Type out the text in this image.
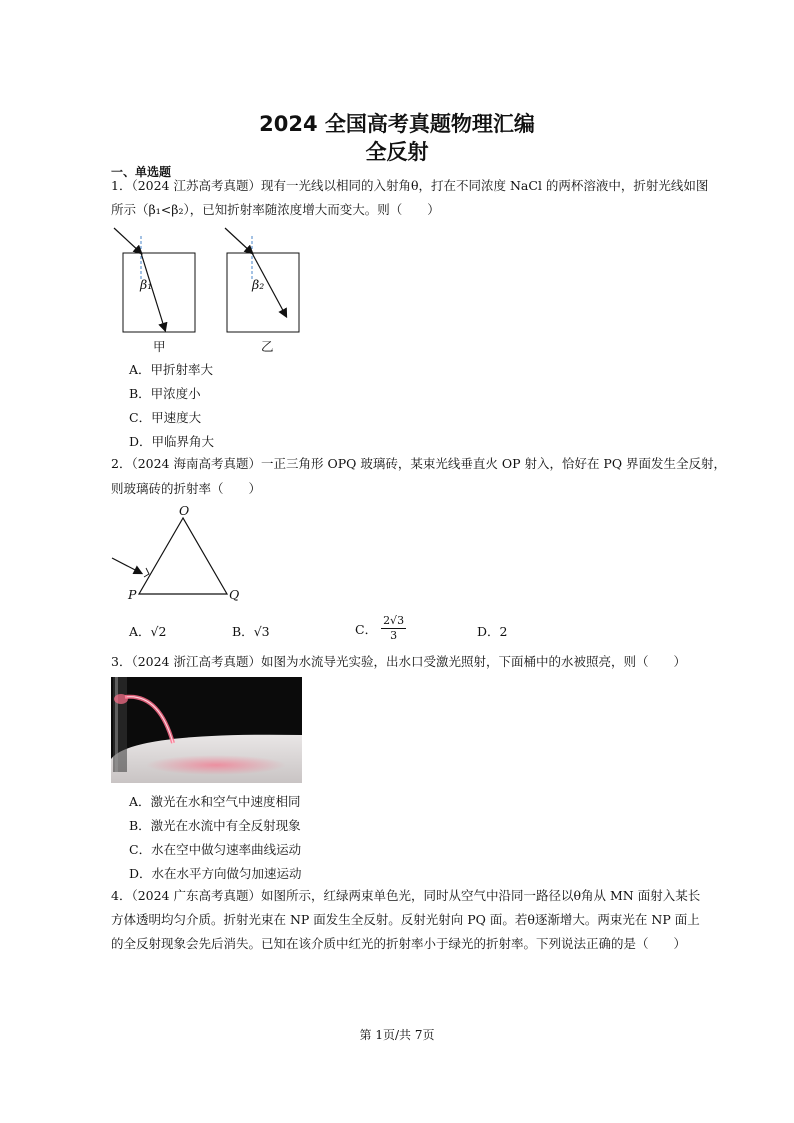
2024 全国高考真题物理汇编
全反射
一、单选题
1．（2024 江苏高考真题）现有一光线以相同的入射角θ，打在不同浓度 NaCl 的两杯溶液中，折射光线如图
所示（β₁<β₂），已知折射率随浓度增大而变大。则（　　）
β₁	β₂
甲	乙
A．甲折射率大
B．甲浓度小
C．甲速度大
D．甲临界角大
2．（2024 海南高考真题）一正三角形 OPQ 玻璃砖，某束光线垂直火 OP 射入，恰好在 PQ 界面发生全反射，
则玻璃砖的折射率（　　）
O
P	Q
A．√2	B．√3	C． $\frac{2√3}{3}$	D．2
3．（2024 浙江高考真题）如图为水流导光实验，出水口受激光照射，下面桶中的水被照亮，则（　　）
A．激光在水和空气中速度相同
B．激光在水流中有全反射现象
C．水在空中做匀速率曲线运动
D．水在水平方向做匀加速运动
4．（2024 广东高考真题）如图所示，红绿两束单色光，同时从空气中沿同一路径以θ角从 MN 面射入某长
方体透明均匀介质。折射光束在 NP 面发生全反射。反射光射向 PQ 面。若θ逐渐增大。两束光在 NP 面上
的全反射现象会先后消失。已知在该介质中红光的折射率小于绿光的折射率。下列说法正确的是（　　）
第 1页/共 7页
